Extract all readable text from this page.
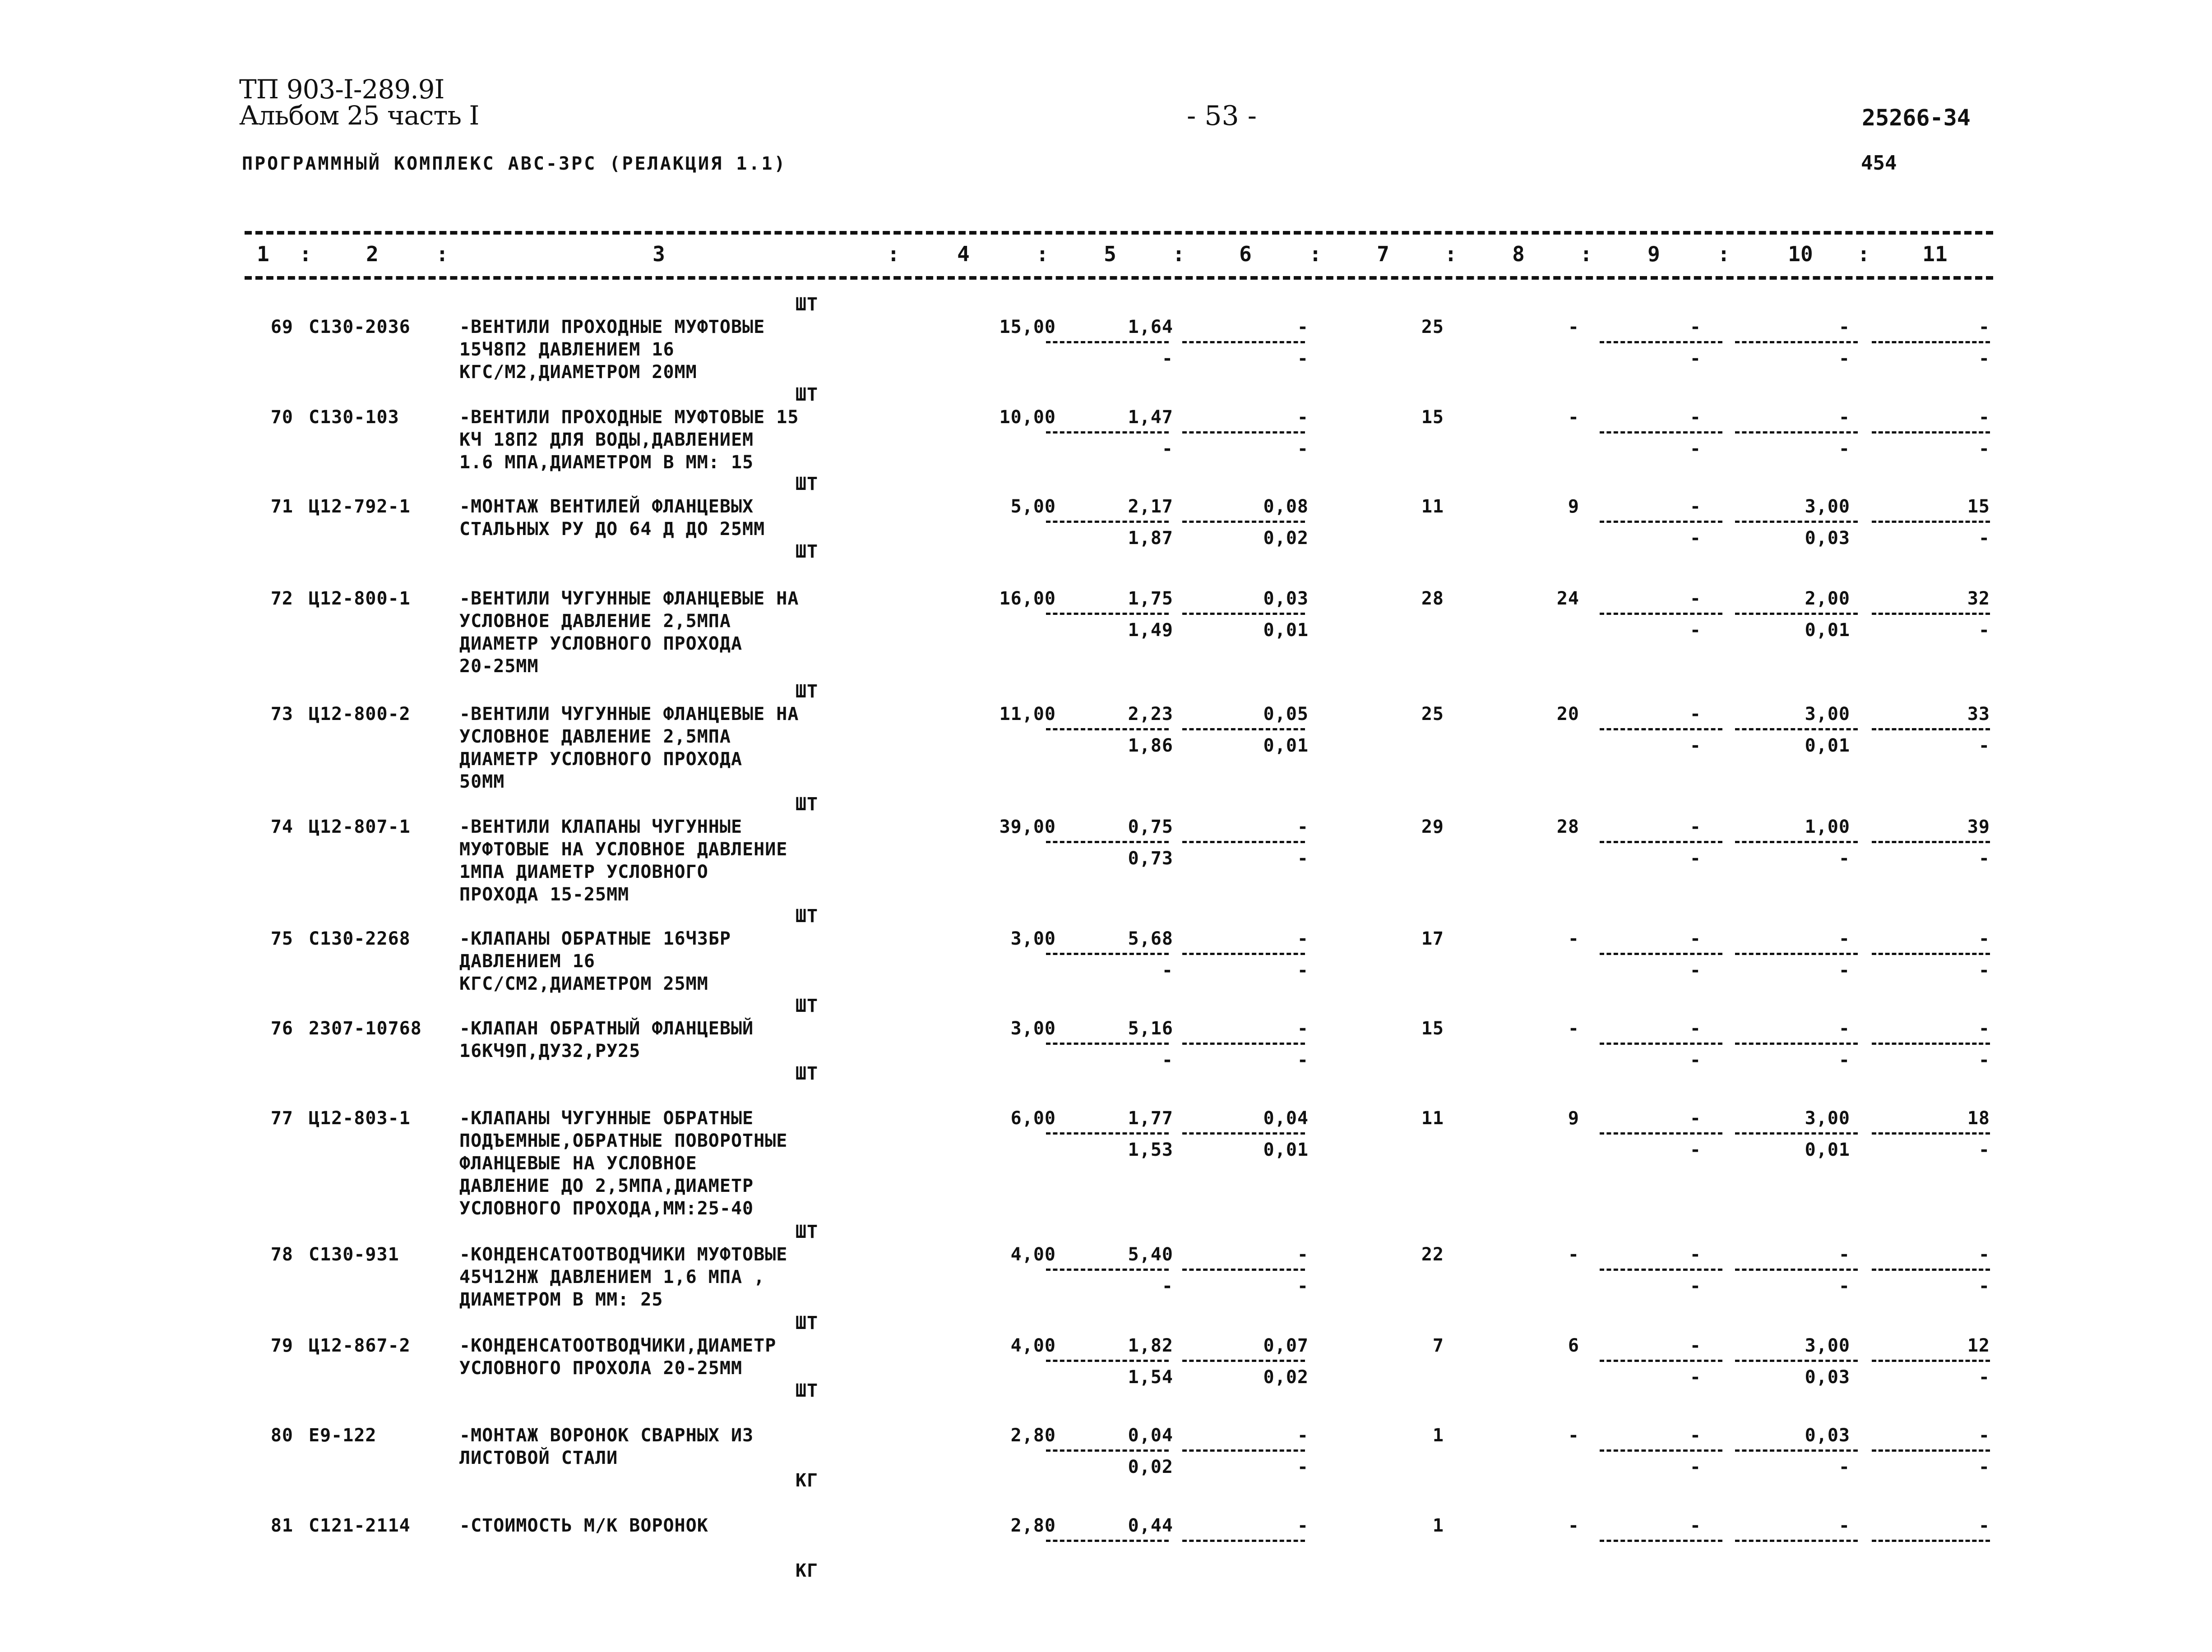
ТП 903-I-289.9I
Альбом 25 часть I	- 53 -	25266-34
ПРОГРАММНЫЙ КОМПЛЕКС АВС-3РС (РЕЛАКЦИЯ 1.1)	454
1 :	2	:	3	:	4	:	5	:	6	:	7	:	8	:	9	:	10 :	11
ШТ
69 С130-2036	-ВЕНТИЛИ ПРОХОДНЫЕ МУФТОВЫЕ
15Ч8П2 ДАВЛЕНИЕМ 16
КГС/М2,ДИАМЕТРОМ 20ММ
15,00	1,64	-	25	-	-	-	-
-	-	-	-	-
ШТ
70 С130-103	-ВЕНТИЛИ ПРОХОДНЫЕ МУФТОВЫЕ 15
КЧ 18П2 ДЛЯ ВОДЫ,ДАВЛЕНИЕМ
1.6 МПА,ДИАМЕТРОМ В ММ: 15
10,00	1,47	-	15	-	-	-	-
-	-	-	-	-
ШТ
71 Ц12-792-1	-МОНТАЖ ВЕНТИЛЕЙ ФЛАНЦЕВЫХ
СТАЛЬНЫХ РУ ДО 64 Д ДО 25ММ
5,00	2,17	0,08	11	9	-	3,00	15
1,87	0,02	-	0,03	-
ШТ
72 Ц12-800-1	-ВЕНТИЛИ ЧУГУННЫЕ ФЛАНЦЕВЫЕ НА
УСЛОВНОЕ ДАВЛЕНИЕ 2,5МПА
ДИАМЕТР УСЛОВНОГО ПРОХОДА
20-25ММ
16,00	1,75	0,03	28	24	-	2,00	32
1,49	0,01	-	0,01	-
ШТ
73 Ц12-800-2	-ВЕНТИЛИ ЧУГУННЫЕ ФЛАНЦЕВЫЕ НА
УСЛОВНОЕ ДАВЛЕНИЕ 2,5МПА
ДИАМЕТР УСЛОВНОГО ПРОХОДА
50ММ
11,00	2,23	0,05	25	20	-	3,00	33
1,86	0,01	-	0,01	-
ШТ
74 Ц12-807-1	-ВЕНТИЛИ КЛАПАНЫ ЧУГУННЫЕ
МУФТОВЫЕ НА УСЛОВНОЕ ДАВЛЕНИЕ
1МПА ДИАМЕТР УСЛОВНОГО
ПРОХОДА 15-25ММ
39,00	0,75	-	29	28	-	1,00	39
0,73	-	-	-	-
ШТ
75 С130-2268	-КЛАПАНЫ ОБРАТНЫЕ 16Ч3БР
ДАВЛЕНИЕМ 16
КГС/СМ2,ДИАМЕТРОМ 25ММ
3,00	5,68	-	17	-	-	-	-
-	-	-	-	-
ШТ
76 2307-10768 -КЛАПАН ОБРАТНЫЙ ФЛАНЦЕВЫЙ
16КЧ9П,ДУ32,РУ25
3,00	5,16	-	15	-	-	-	-
-	-	-	-	-
ШТ
77 Ц12-803-1	-КЛАПАНЫ ЧУГУННЫЕ ОБРАТНЫЕ
ПОДЪЕМНЫЕ,ОБРАТНЫЕ ПОВОРОТНЫЕ
ФЛАНЦЕВЫЕ НА УСЛОВНОЕ
ДАВЛЕНИЕ ДО 2,5МПА,ДИАМЕТР
УСЛОВНОГО ПРОХОДА,ММ:25-40
6,00	1,77	0,04	11	9	-	3,00	18
1,53	0,01	-	0,01	-
ШТ
78 С130-931	-КОНДЕНСАТООТВОДЧИКИ МУФТОВЫЕ
45Ч12НЖ ДАВЛЕНИЕМ 1,6 МПА ,
ДИАМЕТРОМ В ММ: 25
4,00	5,40	-	22	-	-	-	-
-	-	-	-	-
ШТ
79 Ц12-867-2	-КОНДЕНСАТООТВОДЧИКИ,ДИАМЕТР
УСЛОВНОГО ПРОХОЛА 20-25ММ
4,00	1,82	0,07	7	6	-	3,00	12
1,54	0,02	-	0,03	-
ШТ
80 Е9-122	-МОНТАЖ ВОРОНОК СВАРНЫХ ИЗ
ЛИСТОВОЙ СТАЛИ
2,80	0,04	-	1	-	-	0,03	-
0,02	-	-	-	-
КГ
81 С121-2114	-СТОИМОСТЬ М/К ВОРОНОК	2,80	0,44	-	1	-	-	-	-
КГ
